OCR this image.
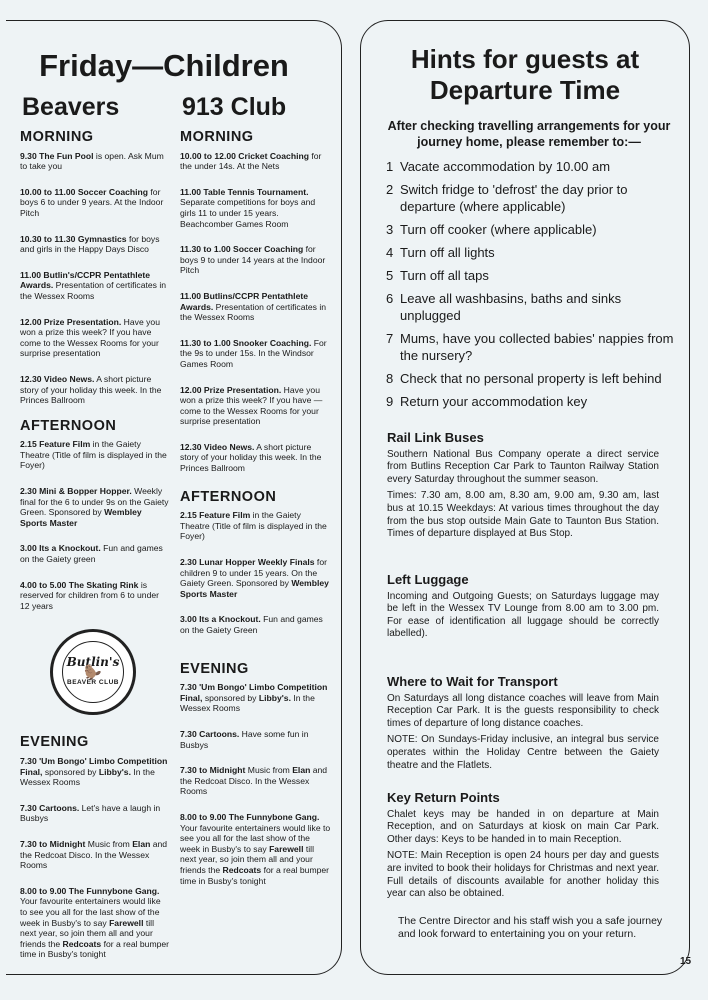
Friday—Children
Beavers	913 Club
MORNING
9.30 The Fun Pool is open. Ask Mum to take you
10.00 to 11.00 Soccer Coaching for boys 6 to under 9 years. At the Indoor Pitch
10.30 to 11.30 Gymnastics for boys and girls in the Happy Days Disco
11.00 Butlin's/CCPR Pentathlete Awards. Presentation of certificates in the Wessex Rooms
12.00 Prize Presentation. Have you won a prize this week? If you have come to the Wessex Rooms for your surprise presentation
12.30 Video News. A short picture story of your holiday this week. In the Princes Ballroom
AFTERNOON
2.15 Feature Film in the Gaiety Theatre (Title of film is displayed in the Foyer)
2.30 Mini & Bopper Hopper. Weekly final for the 6 to under 9s on the Gaiety Green. Sponsored by Wembley Sports Master
3.00 Its a Knockout. Fun and games on the Gaiety green
4.00 to 5.00 The Skating Rink is reserved for children from 6 to under 12 years
Butlin's
🦫
BEAVER CLUB
EVENING
7.30 'Um Bongo' Limbo Competition Final, sponsored by Libby's. In the Wessex Rooms
7.30 Cartoons. Let's have a laugh in Busbys
7.30 to Midnight Music from Elan and the Redcoat Disco. In the Wessex Rooms
8.00 to 9.00 The Funnybone Gang. Your favourite entertainers would like to see you all for the last show of the week in Busby's to say Farewell till next year, so join them all and your friends the Redcoats for a real bumper time in Busby's tonight
MORNING
10.00 to 12.00 Cricket Coaching for the under 14s. At the Nets
11.00 Table Tennis Tournament. Separate competitions for boys and girls 11 to under 15 years. Beachcomber Games Room
11.30 to 1.00 Soccer Coaching for boys 9 to under 14 years at the Indoor Pitch
11.00 Butlins/CCPR Pentathlete Awards. Presentation of certificates in the Wessex Rooms
11.30 to 1.00 Snooker Coaching. For the 9s to under 15s. In the Windsor Games Room
12.00 Prize Presentation. Have you won a prize this week? If you have — come to the Wessex Rooms for your surprise presentation
12.30 Video News. A short picture story of your holiday this week. In the Princes Ballroom
AFTERNOON
2.15 Feature Film in the Gaiety Theatre (Title of film is displayed in the Foyer)
2.30 Lunar Hopper Weekly Finals for children 9 to under 15 years. On the Gaiety Green. Sponsored by Wembley Sports Master
3.00 Its a Knockout. Fun and games on the Gaiety Green
EVENING
7.30 'Um Bongo' Limbo Competition Final, sponsored by Libby's. In the Wessex Rooms
7.30 Cartoons. Have some fun in Busbys
7.30 to Midnight Music from Elan and the Redcoat Disco. In the Wessex Rooms
8.00 to 9.00 The Funnybone Gang. Your favourite entertainers would like to see you all for the last show of the week in Busby's to say Farewell till next year, so join them all and your friends the Redcoats for a real bumper time in Busby's tonight
Hints for guests at
Departure Time

After checking travelling arrangements for your journey home, please remember to:—

1 Vacate accommodation by 10.00 am
2 Switch fridge to 'defrost' the day prior to departure (where applicable)
3 Turn off cooker (where applicable)
4 Turn off all lights
5 Turn off all taps
6 Leave all washbasins, baths and sinks unplugged
7 Mums, have you collected babies' nappies from the nursery?
8 Check that no personal property is left behind
9 Return your accommodation key
Rail Link Buses

Southern National Bus Company operate a direct service from Butlins Reception Car Park to Taunton Railway Station every Saturday throughout the summer season.

Times: 7.30 am, 8.00 am, 8.30 am, 9.00 am, 9.30 am, last bus at 10.15 Weekdays: At various times throughout the day from the bus stop outside Main Gate to Taunton Bus Station. Times of departure displayed at Bus Stop.

Left Luggage

Incoming and Outgoing Guests; on Saturdays luggage may be left in the Wessex TV Lounge from 8.00 am to 3.00 pm. For ease of identification all luggage should be correctly labelled).

Where to Wait for Transport

On Saturdays all long distance coaches will leave from Main Reception Car Park. It is the guests responsibility to check times of departure of long distance coaches.

NOTE: On Sundays-Friday inclusive, an integral bus service operates within the Holiday Centre between the Gaiety theatre and the Flatlets.

Key Return Points

Chalet keys may be handed in on departure at Main Reception, and on Saturdays at kiosk on main Car Park. Other days: Keys to be handed in to main Reception.

NOTE: Main Reception is open 24 hours per day and guests are invited to book their holidays for Christmas and next year. Full details of discounts available for another holiday this year can also be obtained.

The Centre Director and his staff wish you a safe journey and look forward to entertaining you on your return.

15
